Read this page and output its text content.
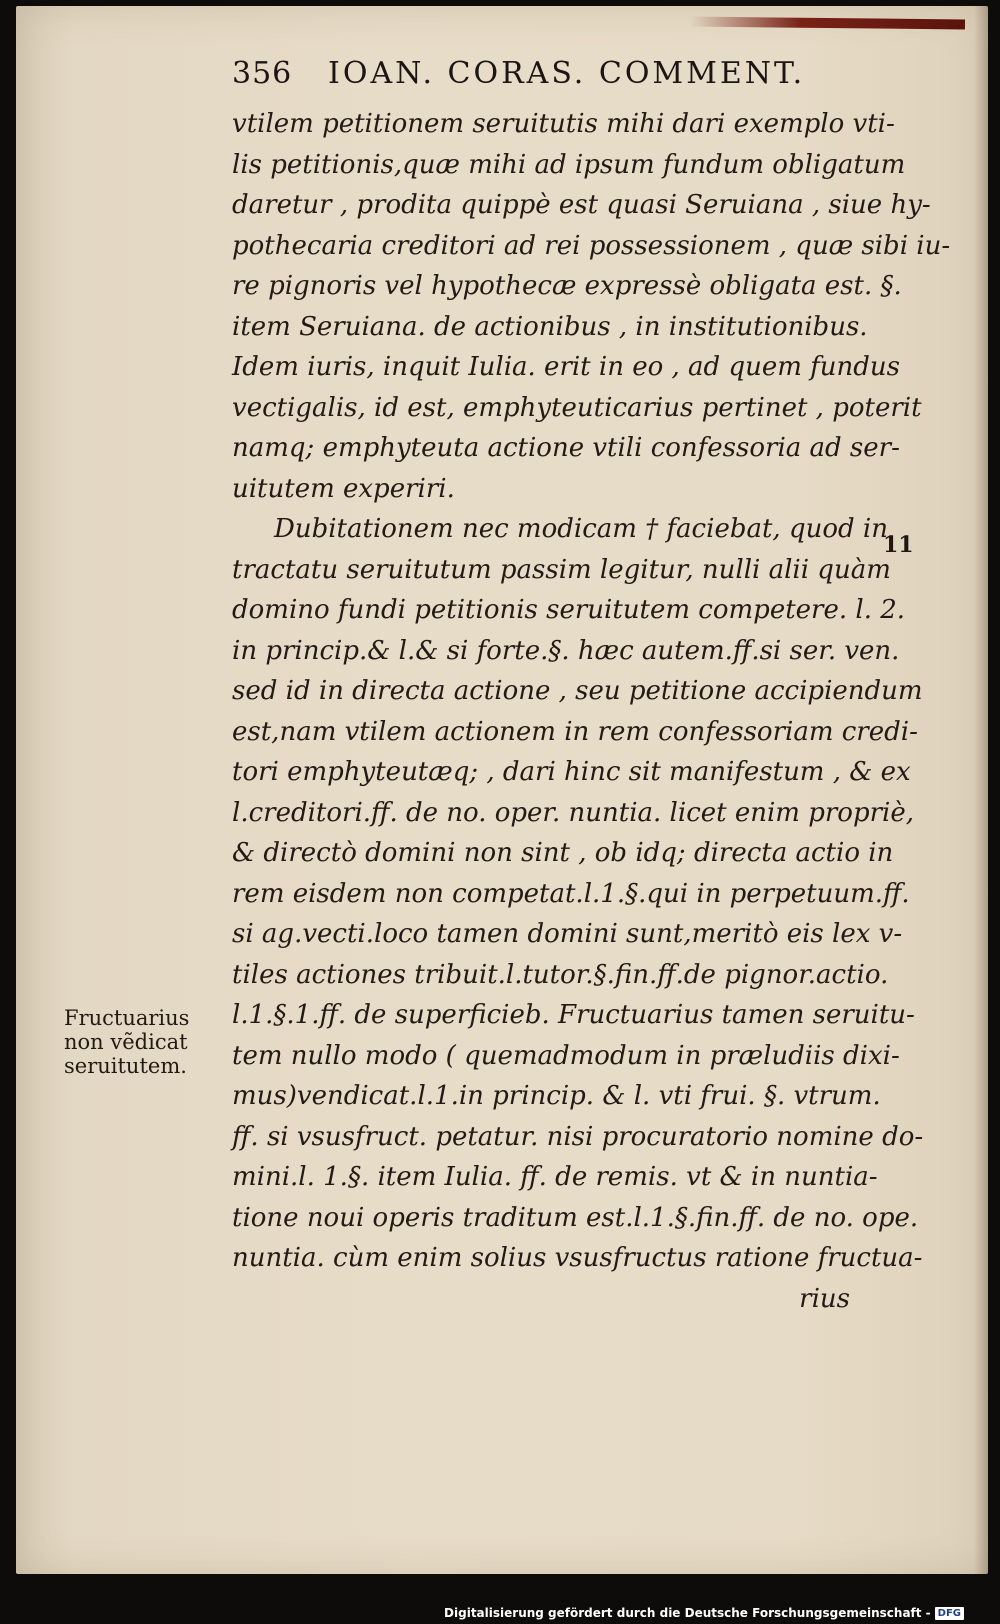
356 IOAN. CORAS. COMMENT.
vtilem petitionem seruitutis mihi dari exemplo vti-
lis petitionis,quæ mihi ad ipsum fundum obligatum
daretur , prodita quippè est quasi Seruiana , siue hy-
pothecaria creditori ad rei possessionem , quæ sibi iu-
re pignoris vel hypothecæ expressè obligata est. §.
item Seruiana. de actionibus , in institutionibus.
Idem iuris, inquit Iulia. erit in eo , ad quem fundus
vectigalis, id est, emphyteuticarius pertinet , poterit
namq; emphyteuta actione vtili confessoria ad ser-
uitutem experiri.
Dubitationem nec modicam † faciebat, quod in
tractatu seruitutum passim legitur, nulli alii quàm
domino fundi petitionis seruitutem competere. l. 2.
in princip.& l.& si forte.§. hæc autem.ff.si ser. ven.
sed id in directa actione , seu petitione accipiendum
est,nam vtilem actionem in rem confessoriam credi-
tori emphyteutæq; , dari hinc sit manifestum , & ex
l.creditori.ff. de no. oper. nuntia. licet enim propriè,
& directò domini non sint , ob idq; directa actio in
rem eisdem non competat.l.1.§.qui in perpetuum.ff.
si ag.vecti.loco tamen domini sunt,meritò eis lex v-
tiles actiones tribuit.l.tutor.§.fin.ff.de pignor.actio.
l.1.§.1.ff. de superficieb. Fructuarius tamen seruitu-
tem nullo modo ( quemadmodum in præludiis dixi-
mus)vendicat.l.1.in princip. & l. vti frui. §. vtrum.
ff. si vsusfruct. petatur. nisi procuratorio nomine do-
mini.l. 1.§. item Iulia. ff. de remis. vt & in nuntia-
tione noui operis traditum est.l.1.§.fin.ff. de no. ope.
nuntia. cùm enim solius vsusfructus ratione fructua-
rius
11
Fructuarius
non vẽdicat
seruitutem.
Digitalisierung gefördert durch die Deutsche Forschungsgemeinschaft - DFG
